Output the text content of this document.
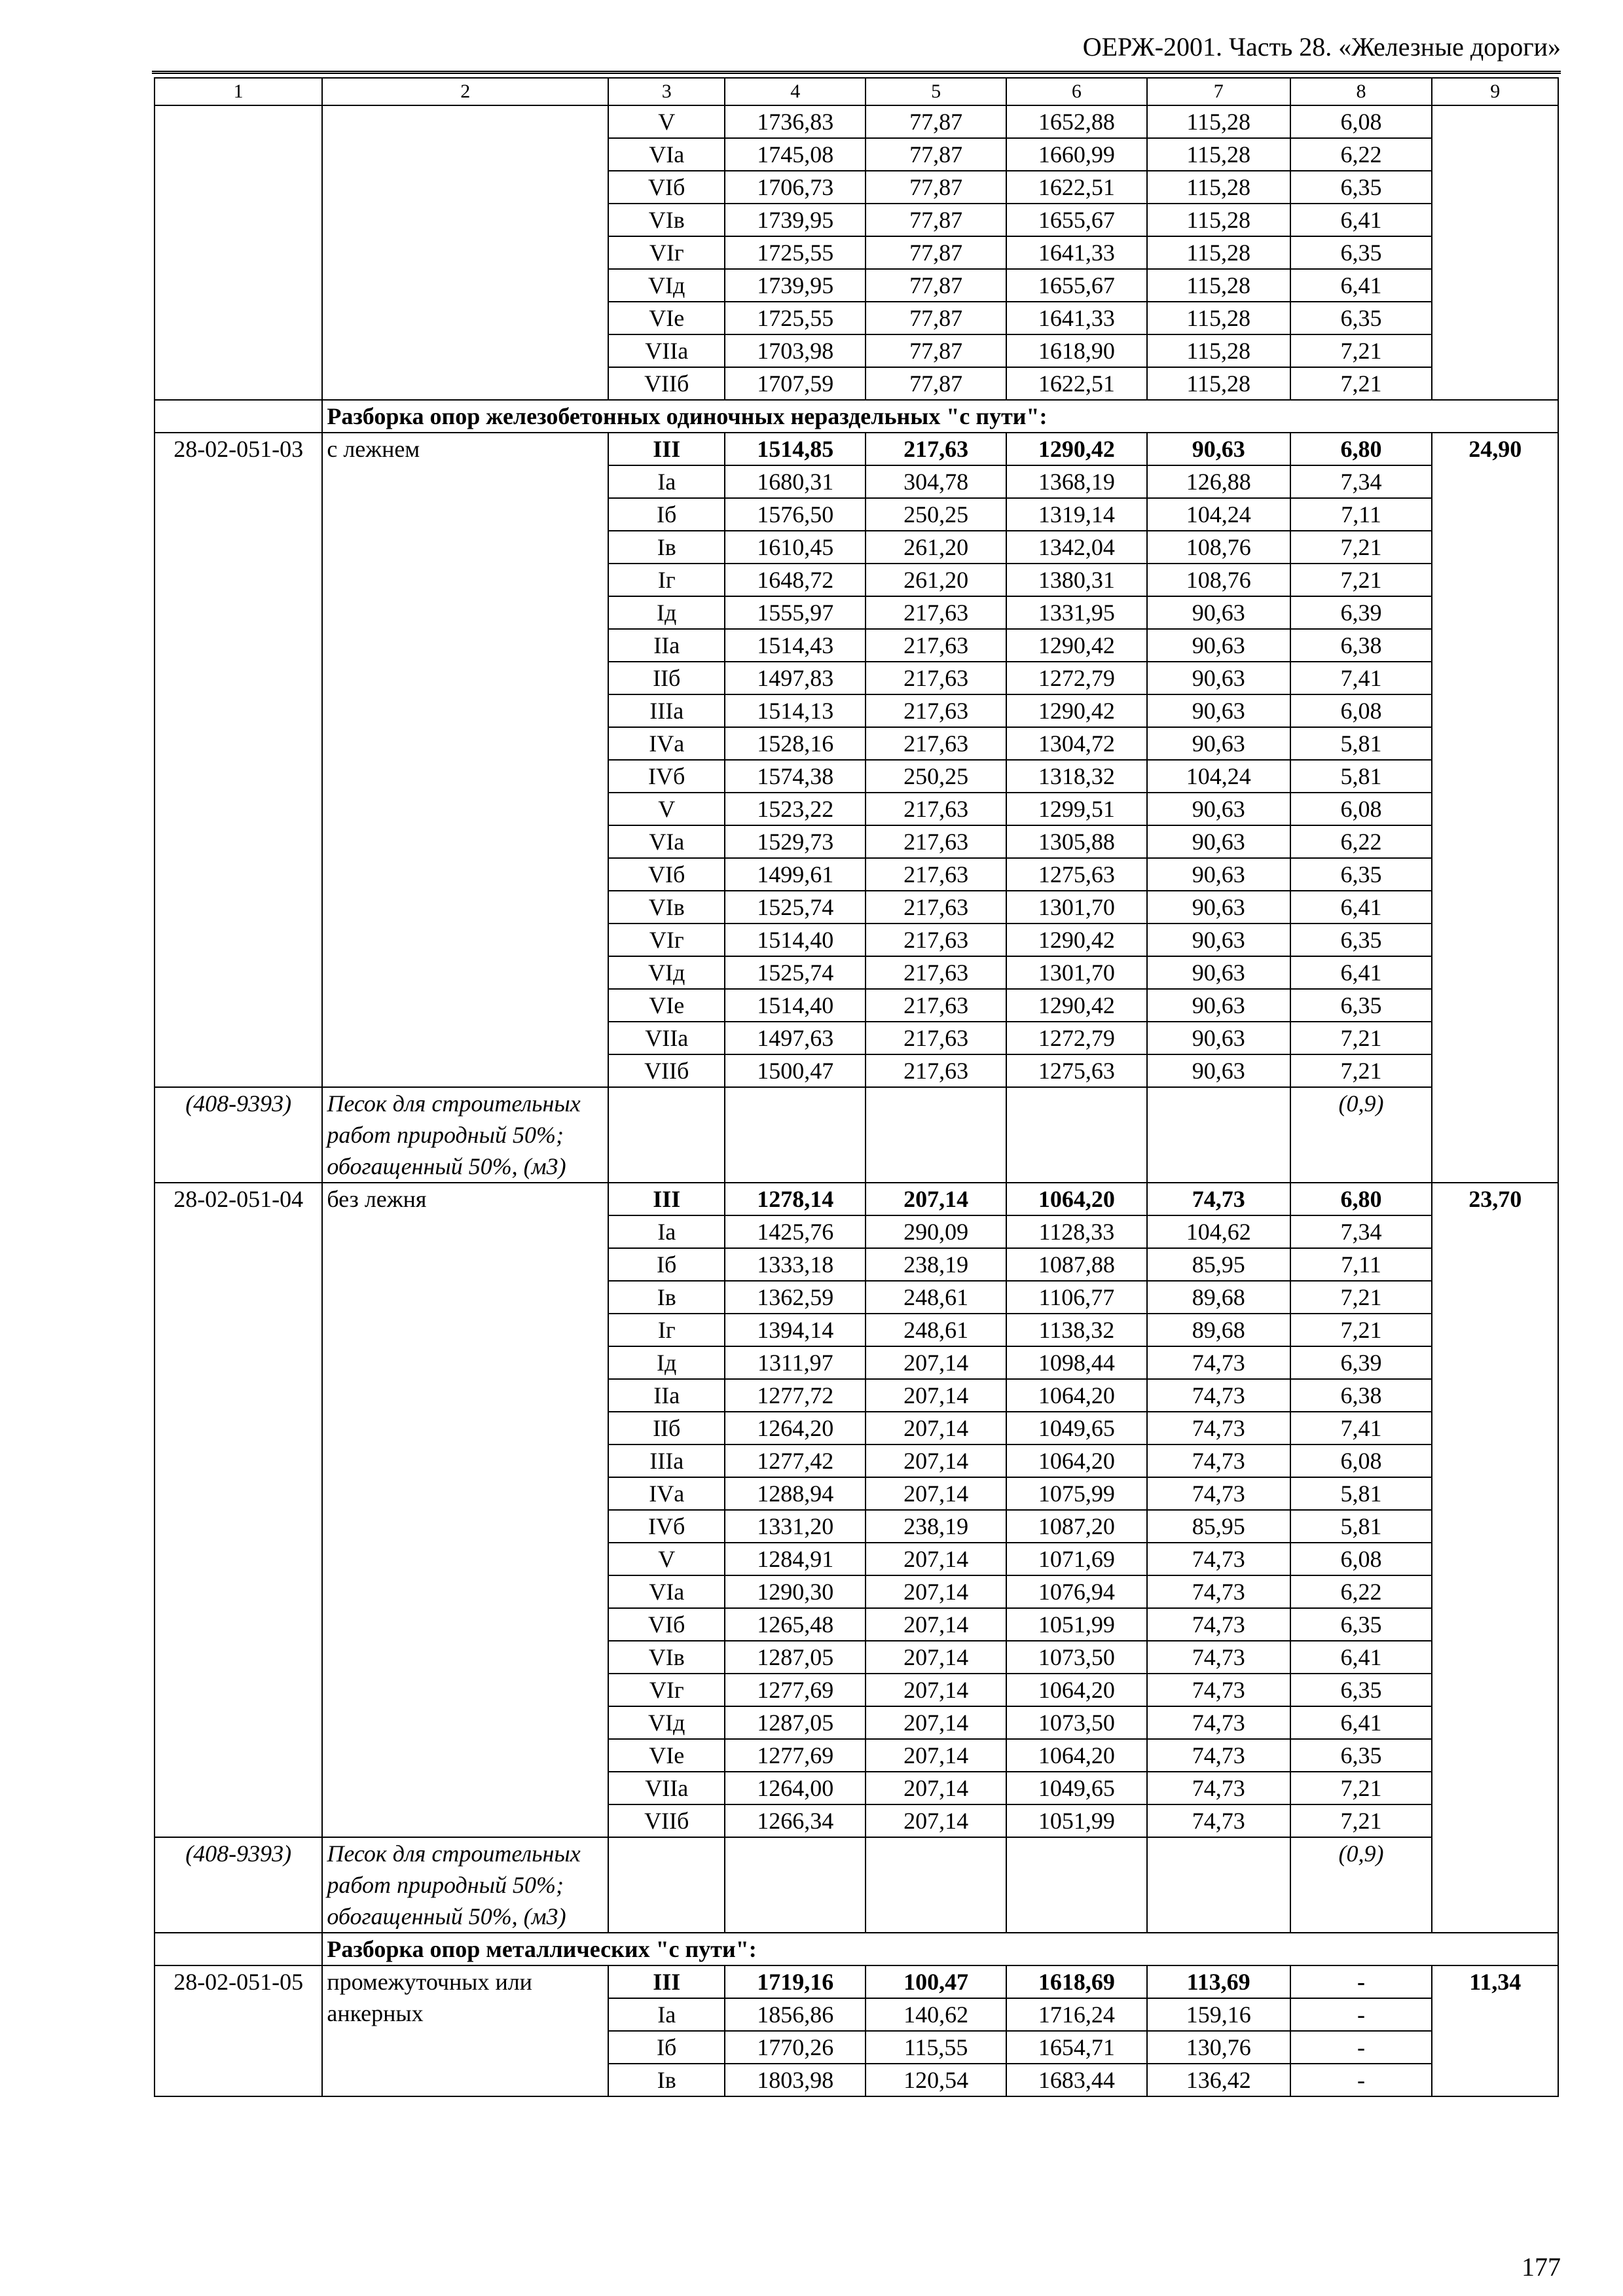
ОЕРЖ-2001. Часть 28. «Железные дороги»
1	2	3	4	5	6	7	8	9
		V	1736,83	77,87	1652,88	115,28	6,08	
		VIа	1745,08	77,87	1660,99	115,28	6,22	
		VIб	1706,73	77,87	1622,51	115,28	6,35	
		VIв	1739,95	77,87	1655,67	115,28	6,41	
		VIг	1725,55	77,87	1641,33	115,28	6,35	
		VIд	1739,95	77,87	1655,67	115,28	6,41	
		VIе	1725,55	77,87	1641,33	115,28	6,35	
		VIIа	1703,98	77,87	1618,90	115,28	7,21	
		VIIб	1707,59	77,87	1622,51	115,28	7,21	
	Разборка опор железобетонных одиночных нераздельных "с пути":							
28-02-051-03	с лежнем	III	1514,85	217,63	1290,42	90,63	6,80	24,90
		Iа	1680,31	304,78	1368,19	126,88	7,34	
		Iб	1576,50	250,25	1319,14	104,24	7,11	
		Iв	1610,45	261,20	1342,04	108,76	7,21	
		Iг	1648,72	261,20	1380,31	108,76	7,21	
		Iд	1555,97	217,63	1331,95	90,63	6,39	
		IIа	1514,43	217,63	1290,42	90,63	6,38	
		IIб	1497,83	217,63	1272,79	90,63	7,41	
		IIIа	1514,13	217,63	1290,42	90,63	6,08	
		IVа	1528,16	217,63	1304,72	90,63	5,81	
		IVб	1574,38	250,25	1318,32	104,24	5,81	
		V	1523,22	217,63	1299,51	90,63	6,08	
		VIа	1529,73	217,63	1305,88	90,63	6,22	
		VIб	1499,61	217,63	1275,63	90,63	6,35	
		VIв	1525,74	217,63	1301,70	90,63	6,41	
		VIг	1514,40	217,63	1290,42	90,63	6,35	
		VIд	1525,74	217,63	1301,70	90,63	6,41	
		VIе	1514,40	217,63	1290,42	90,63	6,35	
		VIIа	1497,63	217,63	1272,79	90,63	7,21	
		VIIб	1500,47	217,63	1275,63	90,63	7,21	
(408-9393)	Песок для строительных работ природный 50%; обогащенный 50%, (м3)						(0,9)	
28-02-051-04	без лежня	III	1278,14	207,14	1064,20	74,73	6,80	23,70
		Iа	1425,76	290,09	1128,33	104,62	7,34	
		Iб	1333,18	238,19	1087,88	85,95	7,11	
		Iв	1362,59	248,61	1106,77	89,68	7,21	
		Iг	1394,14	248,61	1138,32	89,68	7,21	
		Iд	1311,97	207,14	1098,44	74,73	6,39	
		IIа	1277,72	207,14	1064,20	74,73	6,38	
		IIб	1264,20	207,14	1049,65	74,73	7,41	
		IIIа	1277,42	207,14	1064,20	74,73	6,08	
		IVа	1288,94	207,14	1075,99	74,73	5,81	
		IVб	1331,20	238,19	1087,20	85,95	5,81	
		V	1284,91	207,14	1071,69	74,73	6,08	
		VIа	1290,30	207,14	1076,94	74,73	6,22	
		VIб	1265,48	207,14	1051,99	74,73	6,35	
		VIв	1287,05	207,14	1073,50	74,73	6,41	
		VIг	1277,69	207,14	1064,20	74,73	6,35	
		VIд	1287,05	207,14	1073,50	74,73	6,41	
		VIе	1277,69	207,14	1064,20	74,73	6,35	
		VIIа	1264,00	207,14	1049,65	74,73	7,21	
		VIIб	1266,34	207,14	1051,99	74,73	7,21	
(408-9393)	Песок для строительных работ природный 50%; обогащенный 50%, (м3)						(0,9)	
	Разборка опор металлических "с пути":							
28-02-051-05	промежуточных или анкерных	III	1719,16	100,47	1618,69	113,69	-	11,34
		Iа	1856,86	140,62	1716,24	159,16	-	
		Iб	1770,26	115,55	1654,71	130,76	-	
		Iв	1803,98	120,54	1683,44	136,42	-	
177
